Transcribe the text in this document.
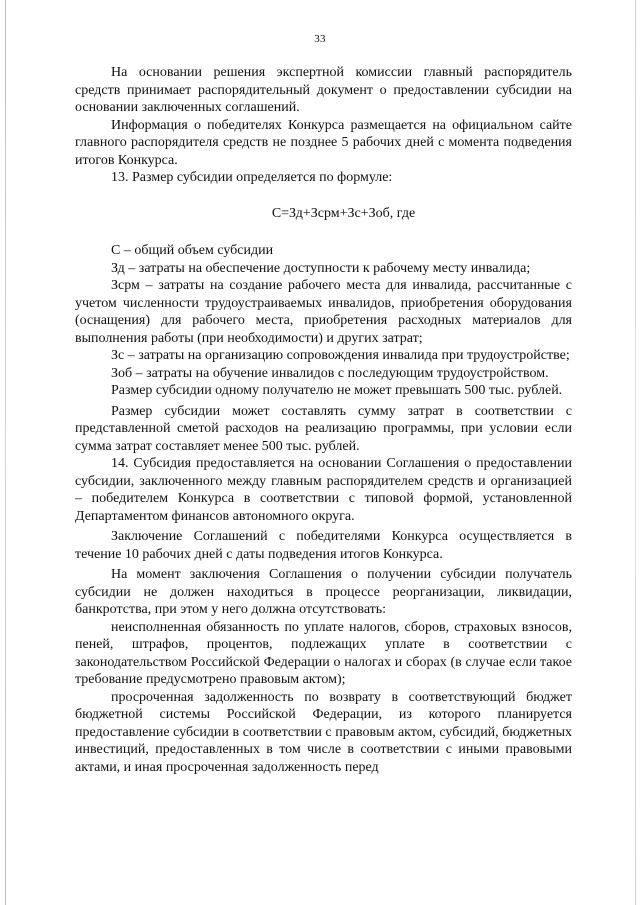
33

На основании решения экспертной комиссии главный распорядитель средств принимает распорядительный документ о предоставлении субсидии на основании заключенных соглашений.

Информация о победителях Конкурса размещается на официальном сайте главного распорядителя средств не позднее 5 рабочих дней с момента подведения итогов Конкурса.

13. Размер субсидии определяется по формуле:

С=Зд+Зсрм+Зс+Зоб, где

С – общий объем субсидии

Зд – затраты на обеспечение доступности к рабочему месту инвалида;

Зсрм – затраты на создание рабочего места для инвалида, рассчитанные с учетом численности трудоустраиваемых инвалидов, приобретения оборудования (оснащения) для рабочего места, приобретения расходных материалов для выполнения работы (при необходимости) и других затрат;

Зс – затраты на организацию сопровождения инвалида при трудоустройстве;

Зоб – затраты на обучение инвалидов с последующим трудоустройством.

Размер субсидии одному получателю не может превышать 500 тыс. рублей.

Размер субсидии может составлять сумму затрат в соответствии с представленной сметой расходов на реализацию программы, при условии если сумма затрат составляет менее 500 тыс. рублей.

14. Субсидия предоставляется на основании Соглашения о предоставлении субсидии, заключенного между главным распорядителем средств и организацией – победителем Конкурса в соответствии с типовой формой, установленной Департаментом финансов автономного округа.

Заключение Соглашений с победителями Конкурса осуществляется в течение 10 рабочих дней с даты подведения итогов Конкурса.

На момент заключения Соглашения о получении субсидии получатель субсидии не должен находиться в процессе реорганизации, ликвидации, банкротства, при этом у него должна отсутствовать:

неисполненная обязанность по уплате налогов, сборов, страховых взносов, пеней, штрафов, процентов, подлежащих уплате в соответствии с законодательством Российской Федерации о налогах и сборах (в случае если такое требование предусмотрено правовым актом);

просроченная задолженность по возврату в соответствующий бюджет бюджетной системы Российской Федерации, из которого планируется предоставление субсидии в соответствии с правовым актом, субсидий, бюджетных инвестиций, предоставленных в том числе в соответствии с иными правовыми актами, и иная просроченная задолженность перед
